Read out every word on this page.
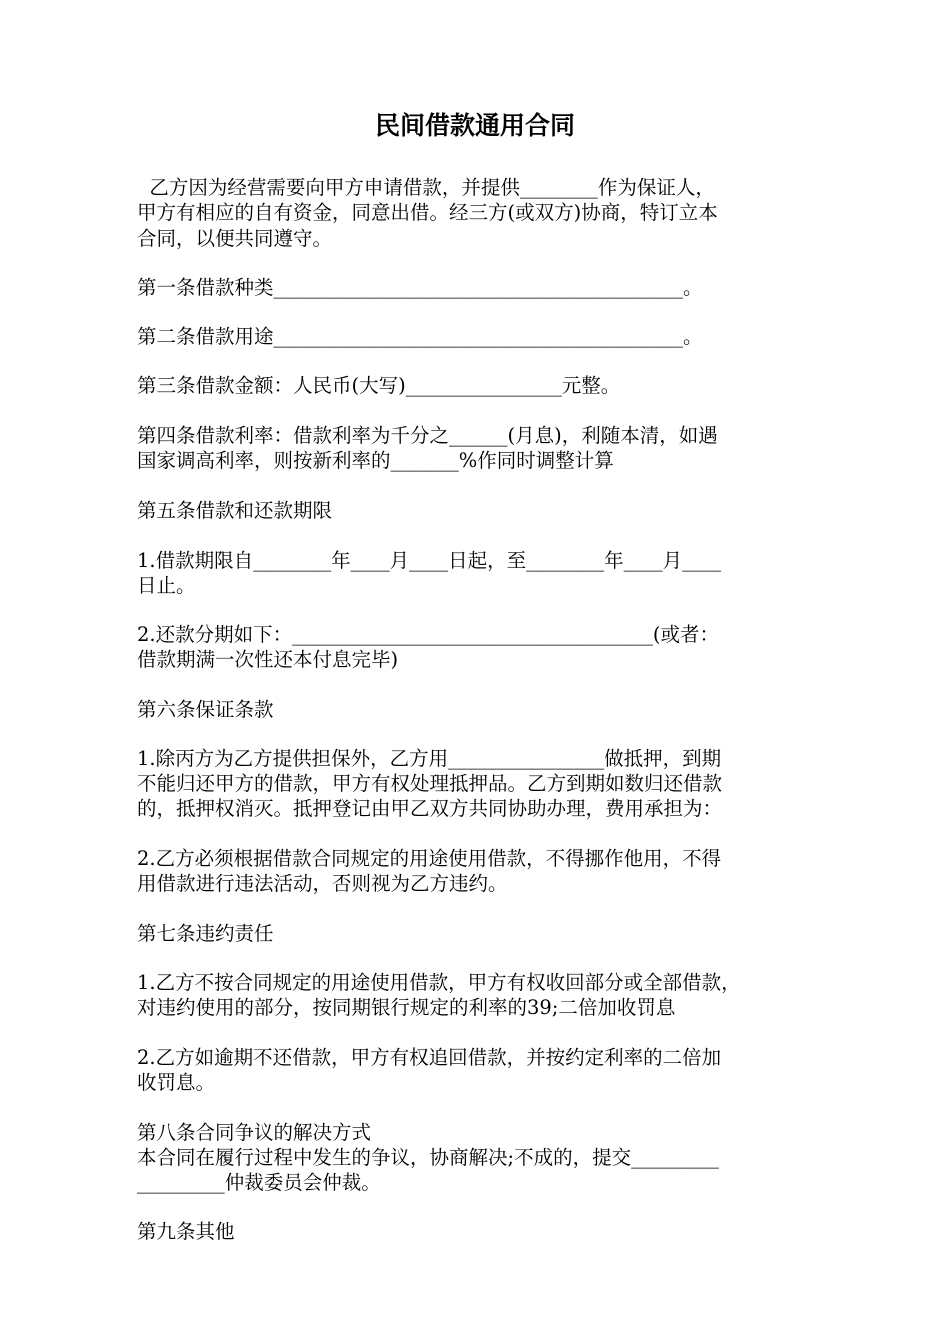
民间借款通用合同
乙方因为经营需要向甲方申请借款，并提供________作为保证人，
甲方有相应的自有资金，同意出借。经三方(或双方)协商，特订立本
合同，以便共同遵守。
第一条借款种类__________________________________________。
第二条借款用途__________________________________________。
第三条借款金额：人民币(大写)________________元整。
第四条借款利率：借款利率为千分之______(月息)，利随本清，如遇
国家调高利率，则按新利率的_______%作同时调整计算
第五条借款和还款期限
1.借款期限自________年____月____日起，至________年____月____
日止。
2.还款分期如下：_____________________________________(或者：
借款期满一次性还本付息完毕)
第六条保证条款
1.除丙方为乙方提供担保外，乙方用________________做抵押，到期
不能归还甲方的借款，甲方有权处理抵押品。乙方到期如数归还借款
的，抵押权消灭。抵押登记由甲乙双方共同协助办理，费用承担为：
2.乙方必须根据借款合同规定的用途使用借款，不得挪作他用，不得
用借款进行违法活动，否则视为乙方违约。
第七条违约责任
1.乙方不按合同规定的用途使用借款，甲方有权收回部分或全部借款，
对违约使用的部分，按同期银行规定的利率的39;二倍加收罚息
2.乙方如逾期不还借款，甲方有权追回借款，并按约定利率的二倍加
收罚息。
第八条合同争议的解决方式
本合同在履行过程中发生的争议，协商解决;不成的，提交_________
_________仲裁委员会仲裁。
第九条其他
